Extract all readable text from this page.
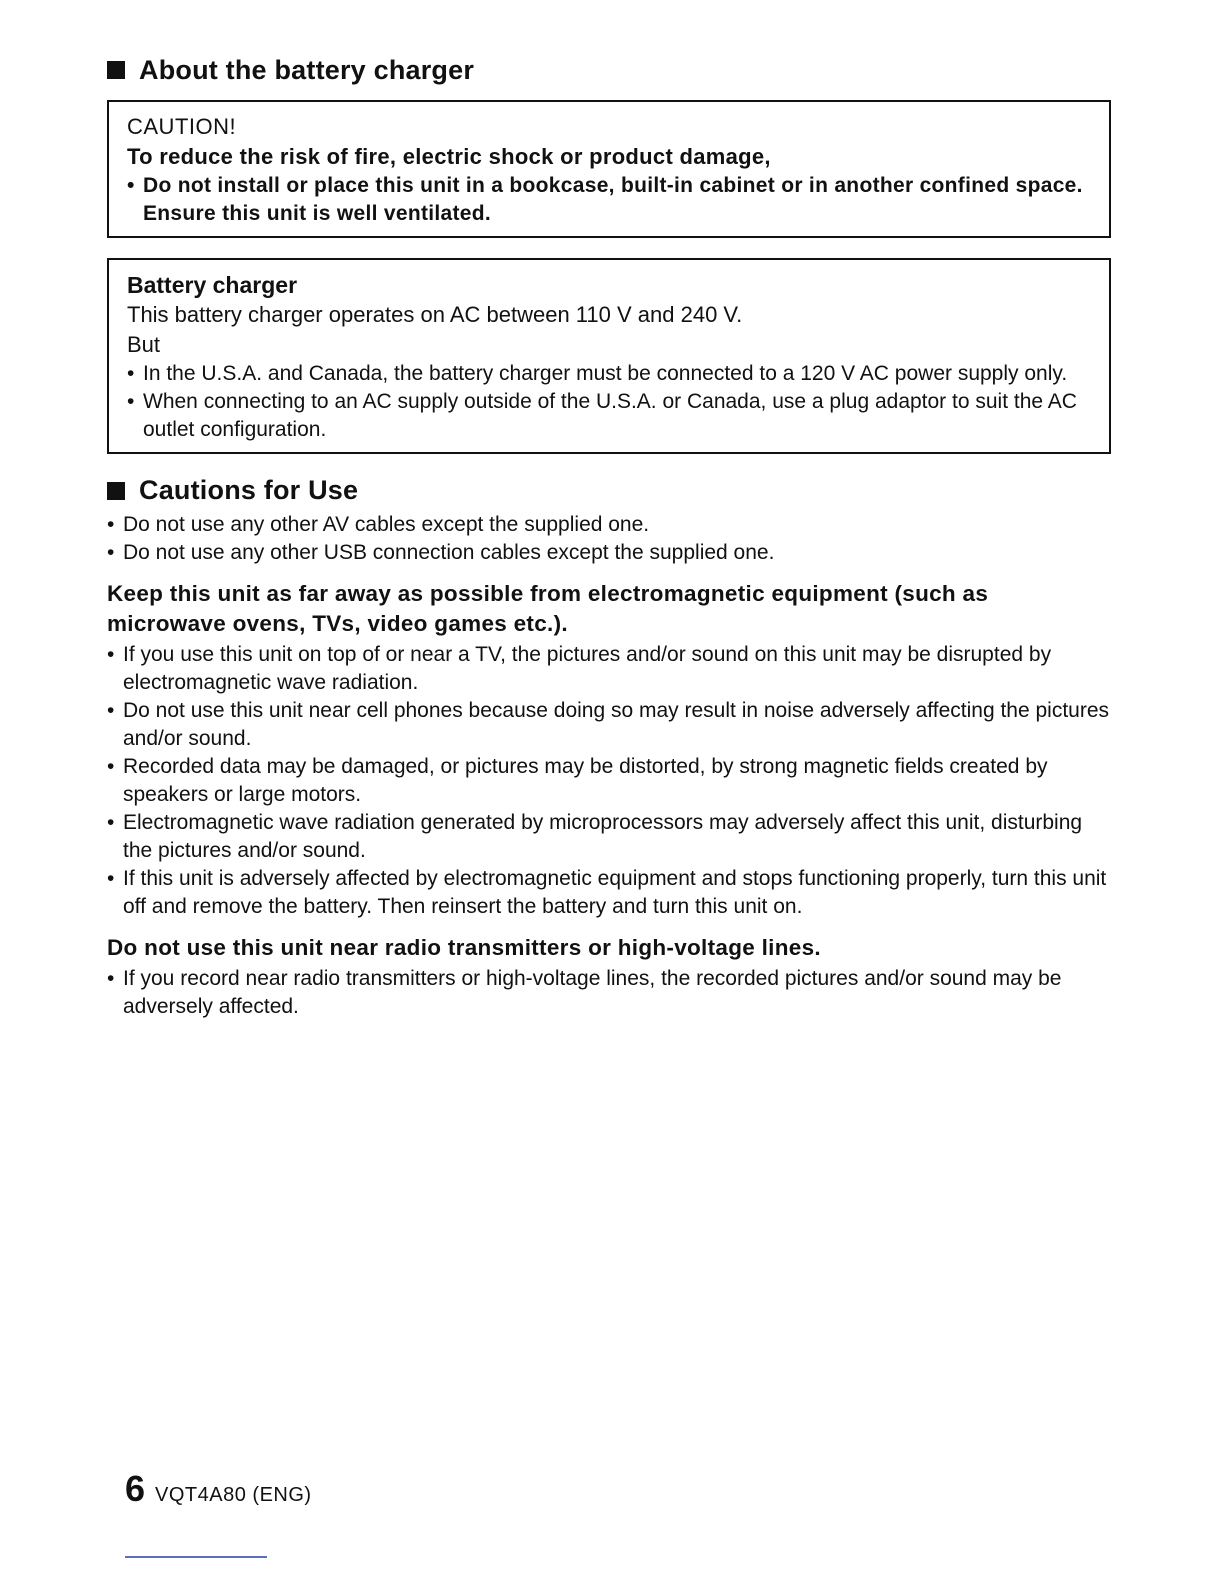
About the battery charger
CAUTION!
To reduce the risk of fire, electric shock or product damage,
• Do not install or place this unit in a bookcase, built-in cabinet or in another confined space. Ensure this unit is well ventilated.
Battery charger
This battery charger operates on AC between 110 V and 240 V.
But
• In the U.S.A. and Canada, the battery charger must be connected to a 120 V AC power supply only.
• When connecting to an AC supply outside of the U.S.A. or Canada, use a plug adaptor to suit the AC outlet configuration.
Cautions for Use
• Do not use any other AV cables except the supplied one.
• Do not use any other USB connection cables except the supplied one.
Keep this unit as far away as possible from electromagnetic equipment (such as microwave ovens, TVs, video games etc.).
• If you use this unit on top of or near a TV, the pictures and/or sound on this unit may be disrupted by electromagnetic wave radiation.
• Do not use this unit near cell phones because doing so may result in noise adversely affecting the pictures and/or sound.
• Recorded data may be damaged, or pictures may be distorted, by strong magnetic fields created by speakers or large motors.
• Electromagnetic wave radiation generated by microprocessors may adversely affect this unit, disturbing the pictures and/or sound.
• If this unit is adversely affected by electromagnetic equipment and stops functioning properly, turn this unit off and remove the battery. Then reinsert the battery and turn this unit on.
Do not use this unit near radio transmitters or high-voltage lines.
• If you record near radio transmitters or high-voltage lines, the recorded pictures and/or sound may be adversely affected.
6 VQT4A80 (ENG)
